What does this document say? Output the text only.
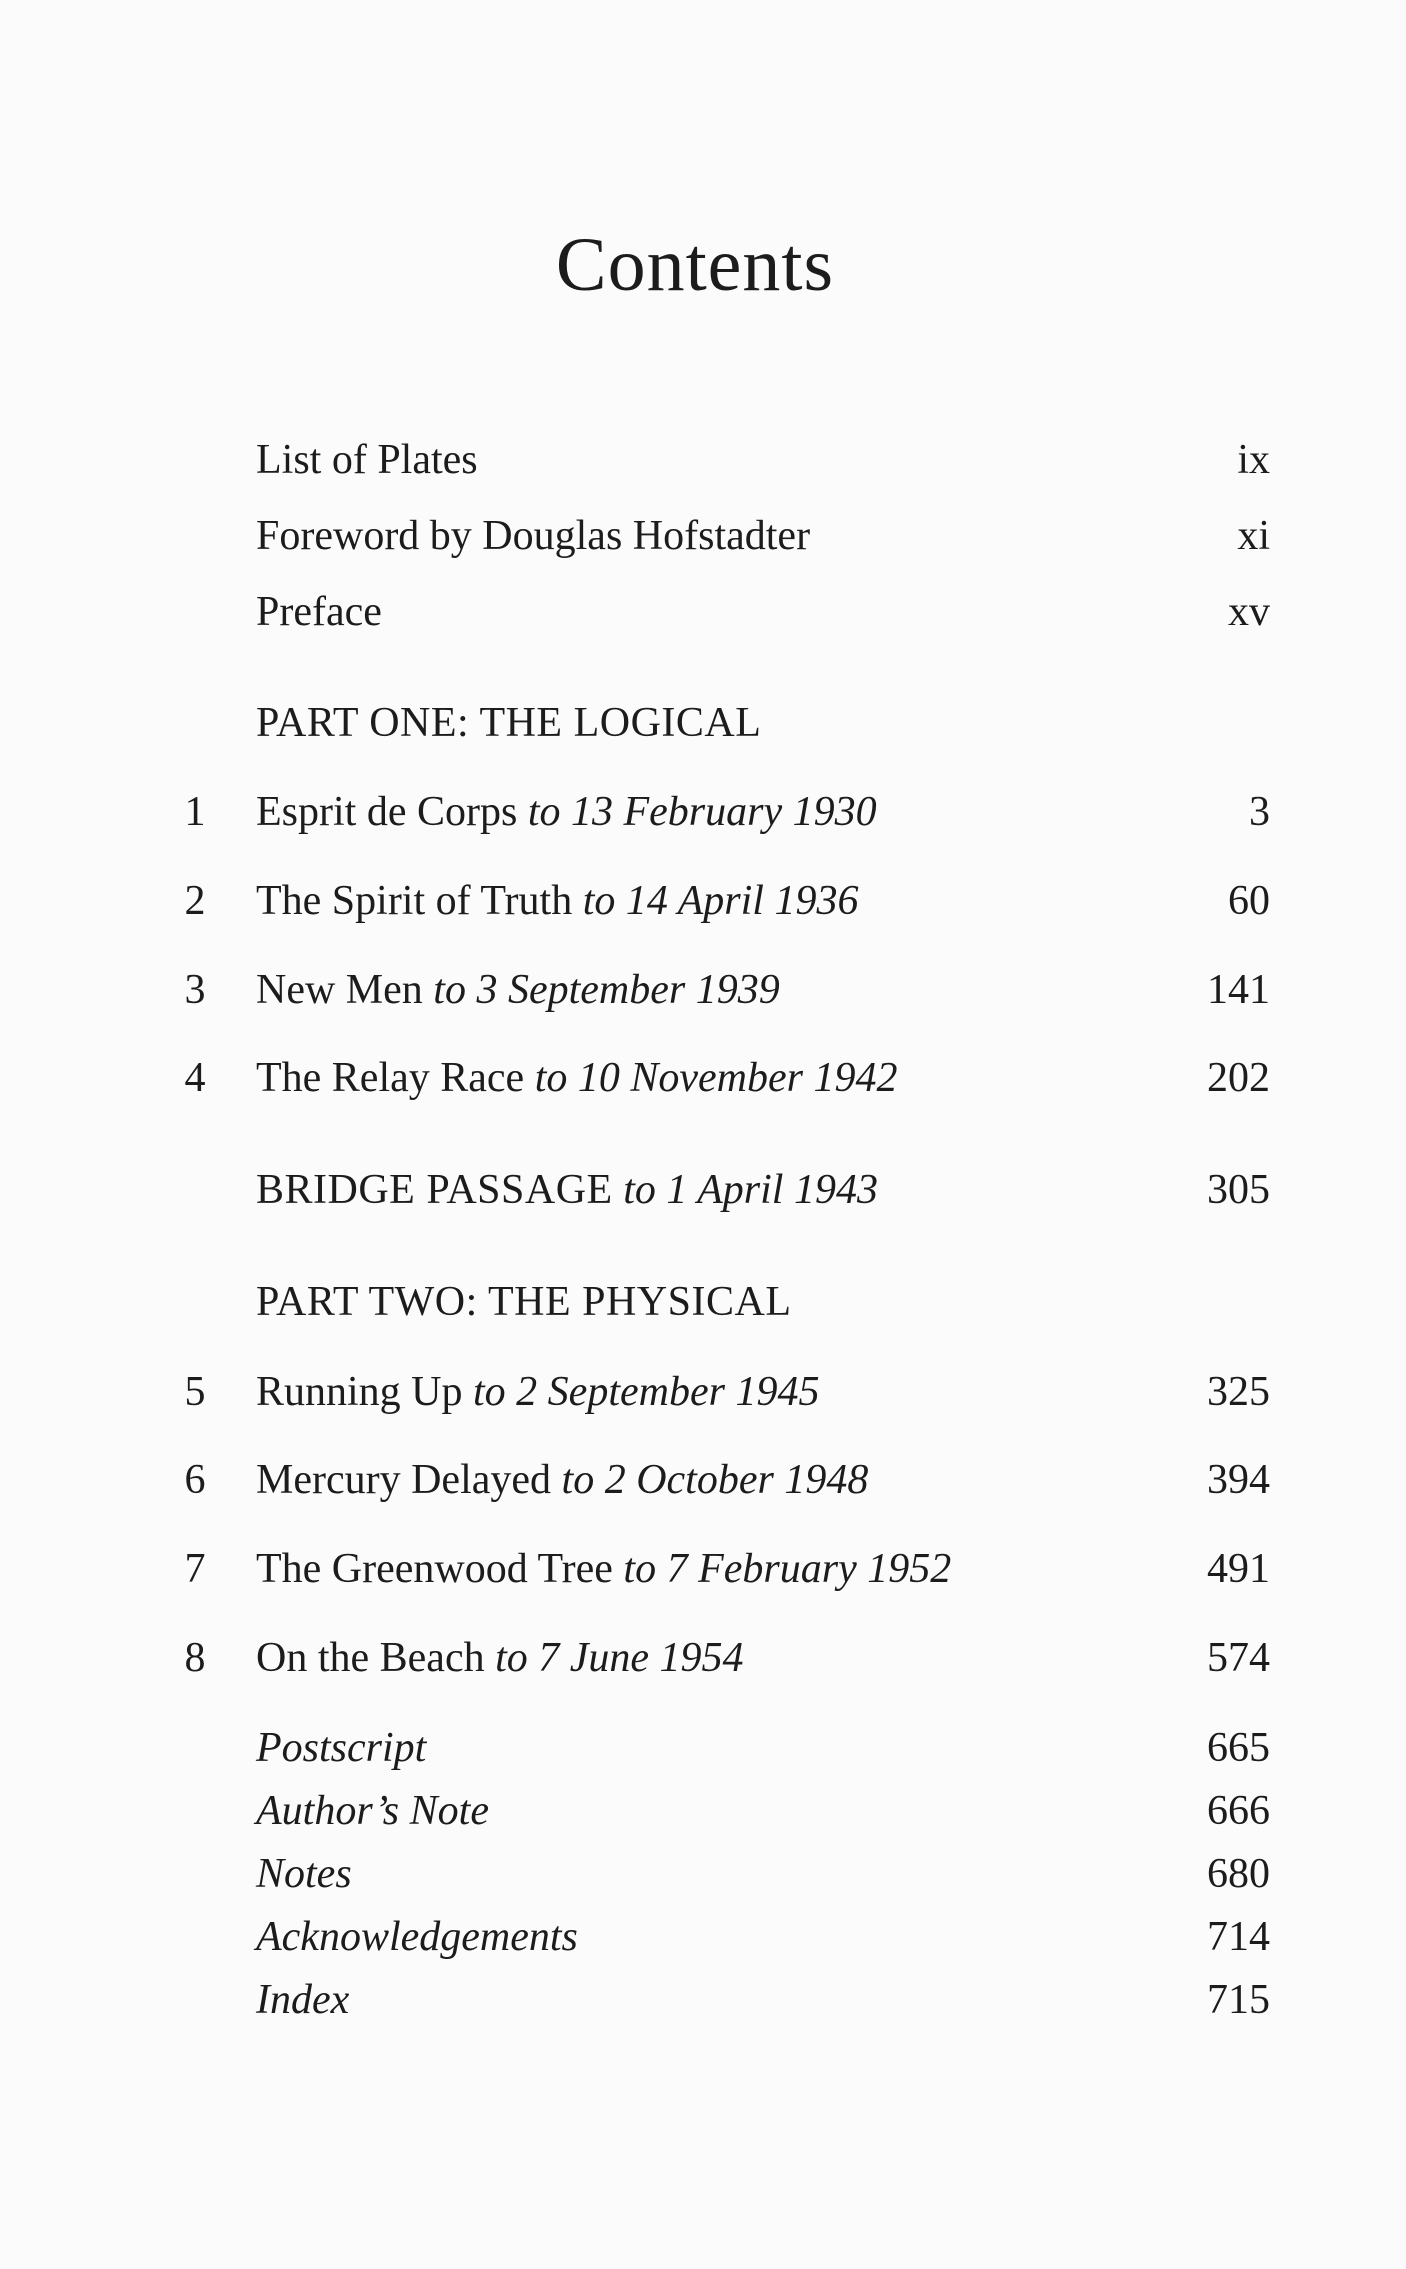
Contents
List of Plates	ix
Foreword by Douglas Hofstadter	xi
Preface	xv
PART ONE: THE LOGICAL
1	Esprit de Corps to 13 February 1930	3
2	The Spirit of Truth to 14 April 1936	60
3	New Men to 3 September 1939	141
4	The Relay Race to 10 November 1942	202
BRIDGE PASSAGE to 1 April 1943	305
PART TWO: THE PHYSICAL
5	Running Up to 2 September 1945	325
6	Mercury Delayed to 2 October 1948	394
7	The Greenwood Tree to 7 February 1952	491
8	On the Beach to 7 June 1954	574
Postscript	665
Author’s Note	666
Notes	680
Acknowledgements	714
Index	715
